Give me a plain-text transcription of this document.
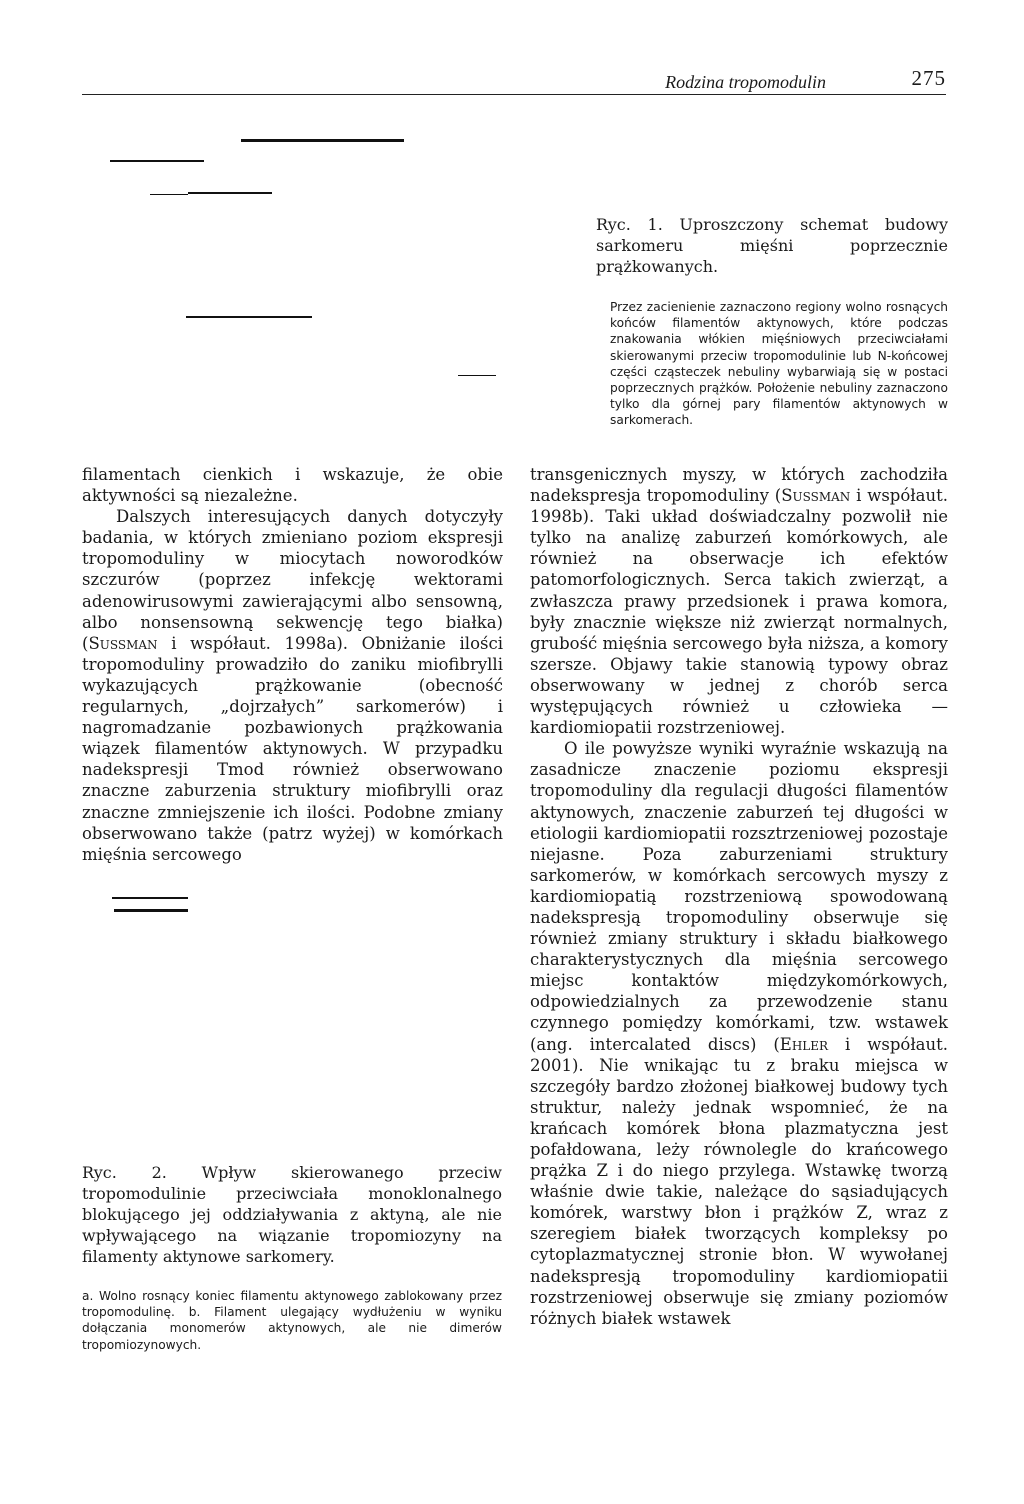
Rodzina tropomodulin	275
Ryc. 1. Uproszczony schemat budowy sarkomeru mięśni poprzecznie prążkowanych.
Przez zacienienie zaznaczono regiony wolno rosnących końców filamentów aktynowych, które podczas znakowania włókien mięśniowych przeciwciałami skierowanymi przeciw tropomodulinie lub N-końcowej części cząsteczek nebuliny wybarwiają się w postaci poprzecznych prążków. Położenie nebuliny zaznaczono tylko dla górnej pary filamentów aktynowych w sarkomerach.

filamentach cienkich i wskazuje, że obie aktywności są niezależne.

Dalszych interesujących danych dotyczyły badania, w których zmieniano poziom ekspresji tropomoduliny w miocytach noworodków szczurów (poprzez infekcję wektorami adenowirusowymi zawierającymi albo sensowną, albo nonsensowną sekwencję tego białka) (Sussman i współaut. 1998a). Obniżanie ilości tropomoduliny prowadziło do zaniku miofibrylli wykazujących prążkowanie (obecność regularnych, „dojrzałych” sarkomerów) i nagromadzanie pozbawionych prążkowania wiązek filamentów aktynowych. W przypadku nadekspresji Tmod również obserwowano znaczne zaburzenia struktury miofibrylli oraz znaczne zmniejszenie ich ilości. Podobne zmiany obserwowano także (patrz wyżej) w komórkach mięśnia sercowego

Ryc. 2. Wpływ skierowanego przeciw tropomodulinie przeciwciała monoklonalnego blokującego jej oddziaływania z aktyną, ale nie wpływającego na wiązanie tropomiozyny na filamenty aktynowe sarkomery.
a. Wolno rosnący koniec filamentu aktynowego zablokowany przez tropomodulinę. b. Filament ulegający wydłużeniu w wyniku dołączania monomerów aktynowych, ale nie dimerów tropomiozynowych.

transgenicznych myszy, w których zachodziła nadekspresja tropomoduliny (Sussman i współaut. 1998b). Taki układ doświadczalny pozwolił nie tylko na analizę zaburzeń komórkowych, ale również na obserwacje ich efektów patomorfologicznych. Serca takich zwierząt, a zwłaszcza prawy przedsionek i prawa komora, były znacznie większe niż zwierząt normalnych, grubość mięśnia sercowego była niższa, a komory szersze. Objawy takie stanowią typowy obraz obserwowany w jednej z chorób serca występujących również u człowieka — kardiomiopatii rozstrzeniowej.

O ile powyższe wyniki wyraźnie wskazują na zasadnicze znaczenie poziomu ekspresji tropomoduliny dla regulacji długości filamentów aktynowych, znaczenie zaburzeń tej długości w etiologii kardiomiopatii rozsztrzeniowej pozostaje niejasne. Poza zaburzeniami struktury sarkomerów, w komórkach sercowych myszy z kardiomiopatią rozstrzeniową spowodowaną nadekspresją tropomoduliny obserwuje się również zmiany struktury i składu białkowego charakterystycznych dla mięśnia sercowego miejsc kontaktów międzykomórkowych, odpowiedzialnych za przewodzenie stanu czynnego pomiędzy komórkami, tzw. wstawek (ang. intercalated discs) (Ehler i współaut. 2001). Nie wnikając tu z braku miejsca w szczegóły bardzo złożonej białkowej budowy tych struktur, należy jednak wspomnieć, że na krańcach komórek błona plazmatyczna jest pofałdowana, leży równolegle do krańcowego prążka Z i do niego przylega. Wstawkę tworzą właśnie dwie takie, należące do sąsiadujących komórek, warstwy błon i prążków Z, wraz z szeregiem białek tworzących kompleksy po cytoplazmatycznej stronie błon. W wywołanej nadekspresją tropomoduliny kardiomiopatii rozstrzeniowej obserwuje się zmiany poziomów różnych białek wstawek
